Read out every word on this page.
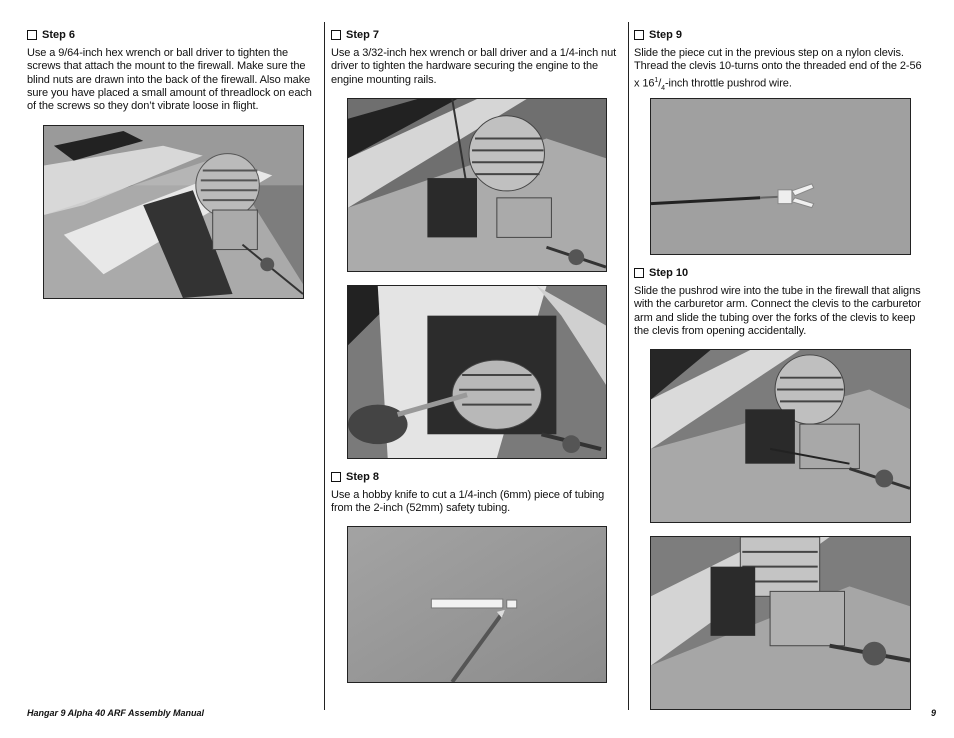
Step 6
Use a 9/64-inch hex wrench or ball driver to tighten the screws that attach the mount to the firewall. Make sure the blind nuts are drawn into the back of the firewall. Also make sure you have placed a small amount of threadlock on each of the screws so they don’t vibrate loose in flight.
Step 7
Use a 3/32-inch hex wrench or ball driver and a 1/4-inch nut driver to tighten the hardware securing the engine to the engine mounting rails.
Step 8
Use a hobby knife to cut a 1/4-inch (6mm) piece of tubing from the 2-inch (52mm) safety tubing.
Step 9
Slide the piece cut in the previous step on a nylon clevis. Thread the clevis 10-turns onto the threaded end of the 2-56 x $16^1/_4$-inch throttle pushrod wire.
Step 10
Slide the pushrod wire into the tube in the firewall that aligns with the carburetor arm. Connect the clevis to the carburetor arm and slide the tubing over the forks of the clevis to keep the clevis from opening accidentally.
Hangar 9 Alpha 40 ARF Assembly Manual	9
